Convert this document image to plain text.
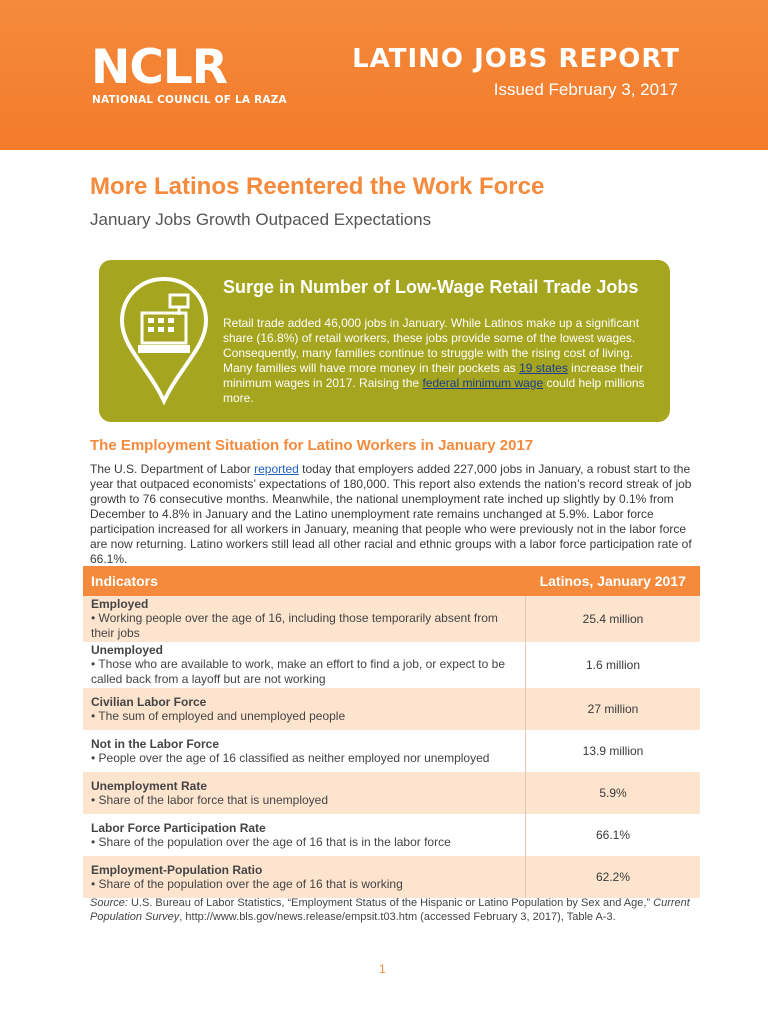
NCLR
NATIONAL COUNCIL OF LA RAZA
LATINO JOBS REPORT
Issued February 3, 2017
More Latinos Reentered the Work Force
January Jobs Growth Outpaced Expectations
Surge in Number of Low-Wage Retail Trade Jobs
Retail trade added 46,000 jobs in January. While Latinos make up a significant share (16.8%) of retail workers, these jobs provide some of the lowest wages. Consequently, many families continue to struggle with the rising cost of living. Many families will have more money in their pockets as 19 states increase their minimum wages in 2017. Raising the federal minimum wage could help millions more.
The Employment Situation for Latino Workers in January 2017
The U.S. Department of Labor reported today that employers added 227,000 jobs in January, a robust start to the year that outpaced economists’ expectations of 180,000. This report also extends the nation’s record streak of job growth to 76 consecutive months. Meanwhile, the national unemployment rate inched up slightly by 0.1% from December to 4.8% in January and the Latino unemployment rate remains unchanged at 5.9%. Labor force participation increased for all workers in January, meaning that people who were previously not in the labor force are now returning. Latino workers still lead all other racial and ethnic groups with a labor force participation rate of 66.1%.
Indicators	Latinos, January 2017

Employed
• Working people over the age of 16, including those temporarily absent from their jobs	25.4 million

Unemployed
• Those who are available to work, make an effort to find a job, or expect to be called back from a layoff but are not working	1.6 million

Civilian Labor Force
• The sum of employed and unemployed people	27 million

Not in the Labor Force
• People over the age of 16 classified as neither employed nor unemployed	13.9 million

Unemployment Rate
• Share of the labor force that is unemployed	5.9%

Labor Force Participation Rate
• Share of the population over the age of 16 that is in the labor force	66.1%

Employment-Population Ratio
• Share of the population over the age of 16 that is working	62.2%
Source: U.S. Bureau of Labor Statistics, “Employment Status of the Hispanic or Latino Population by Sex and Age,” Current Population Survey, http://www.bls.gov/news.release/empsit.t03.htm (accessed February 3, 2017), Table A-3.
1
